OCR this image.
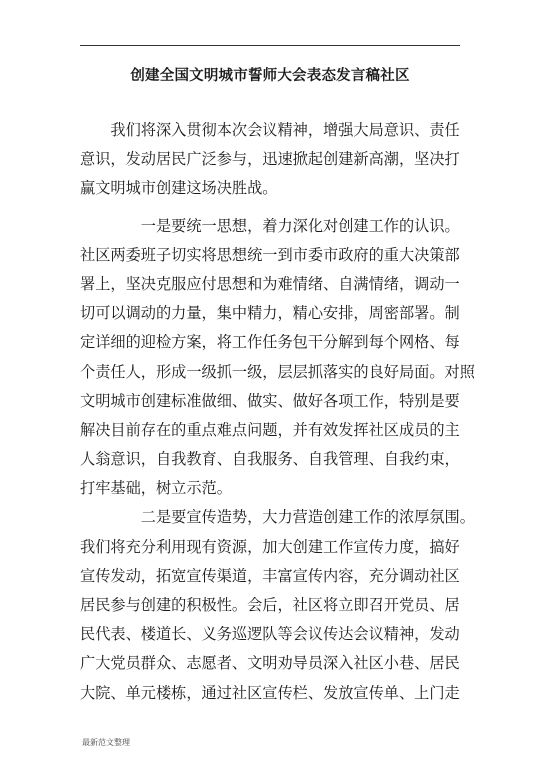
创建全国文明城市誓师大会表态发言稿社区
　　我们将深入贯彻本次会议精神，增强大局意识、责任
意识，发动居民广泛参与，迅速掀起创建新高潮，坚决打
赢文明城市创建这场决胜战。
　　　　一是要统一思想，着力深化对创建工作的认识。
社区两委班子切实将思想统一到市委市政府的重大决策部
署上，坚决克服应付思想和为难情绪、自满情绪，调动一
切可以调动的力量，集中精力，精心安排，周密部署。制
定详细的迎检方案，将工作任务包干分解到每个网格、每
个责任人，形成一级抓一级，层层抓落实的良好局面。对照
文明城市创建标准做细、做实、做好各项工作，特别是要
解决目前存在的重点难点问题，并有效发挥社区成员的主
人翁意识，自我教育、自我服务、自我管理、自我约束，
打牢基础，树立示范。
　　　　二是要宣传造势，大力营造创建工作的浓厚氛围。
我们将充分利用现有资源，加大创建工作宣传力度，搞好
宣传发动，拓宽宣传渠道，丰富宣传内容，充分调动社区
居民参与创建的积极性。会后，社区将立即召开党员、居
民代表、楼道长、义务巡逻队等会议传达会议精神，发动
广大党员群众、志愿者、文明劝导员深入社区小巷、居民
大院、单元楼栋，通过社区宣传栏、发放宣传单、上门走
最新范文整理
